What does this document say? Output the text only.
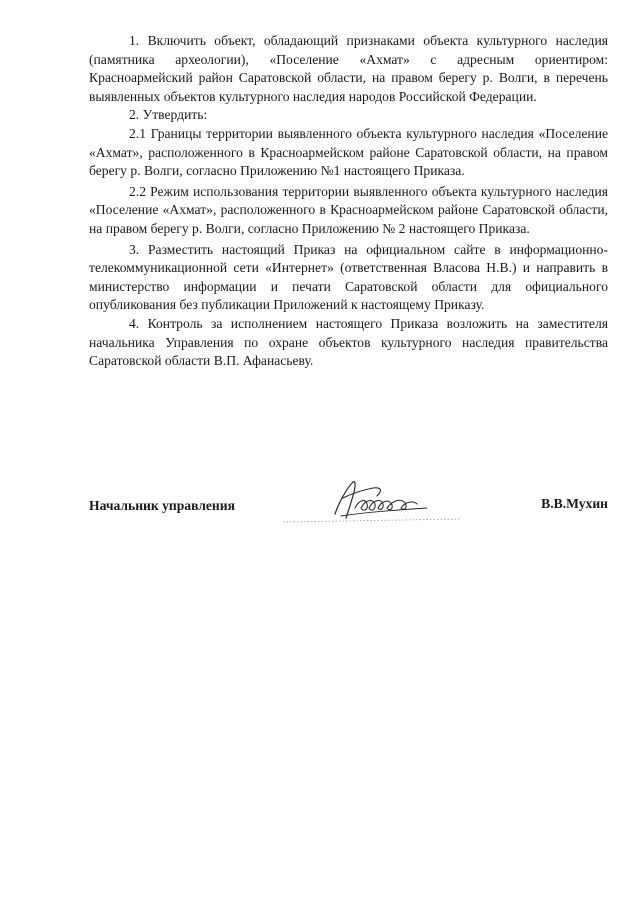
1. Включить объект, обладающий признаками объекта культурного наследия (памятника археологии), «Поселение «Ахмат» с адресным ориентиром: Красноармейский район Саратовской области, на правом берегу р. Волги, в перечень выявленных объектов культурного наследия народов Российской Федерации.

2. Утвердить:

2.1 Границы территории выявленного объекта культурного наследия «Поселение «Ахмат», расположенного в Красноармейском районе Саратовской области, на правом берегу р. Волги, согласно Приложению №1 настоящего Приказа.

2.2 Режим использования территории выявленного объекта культурного наследия «Поселение «Ахмат», расположенного в Красноармейском районе Саратовской области, на правом берегу р. Волги, согласно Приложению № 2 настоящего Приказа.

3. Разместить настоящий Приказ на официальном сайте в информационно-телекоммуникационной сети «Интернет» (ответственная Власова Н.В.) и направить в министерство информации и печати Саратовской области для официального опубликования без публикации Приложений к настоящему Приказу.

4. Контроль за исполнением настоящего Приказа возложить на заместителя начальника Управления по охране объектов культурного наследия правительства Саратовской области В.П. Афанасьеву.

Начальник управления	В.В.Мухин
